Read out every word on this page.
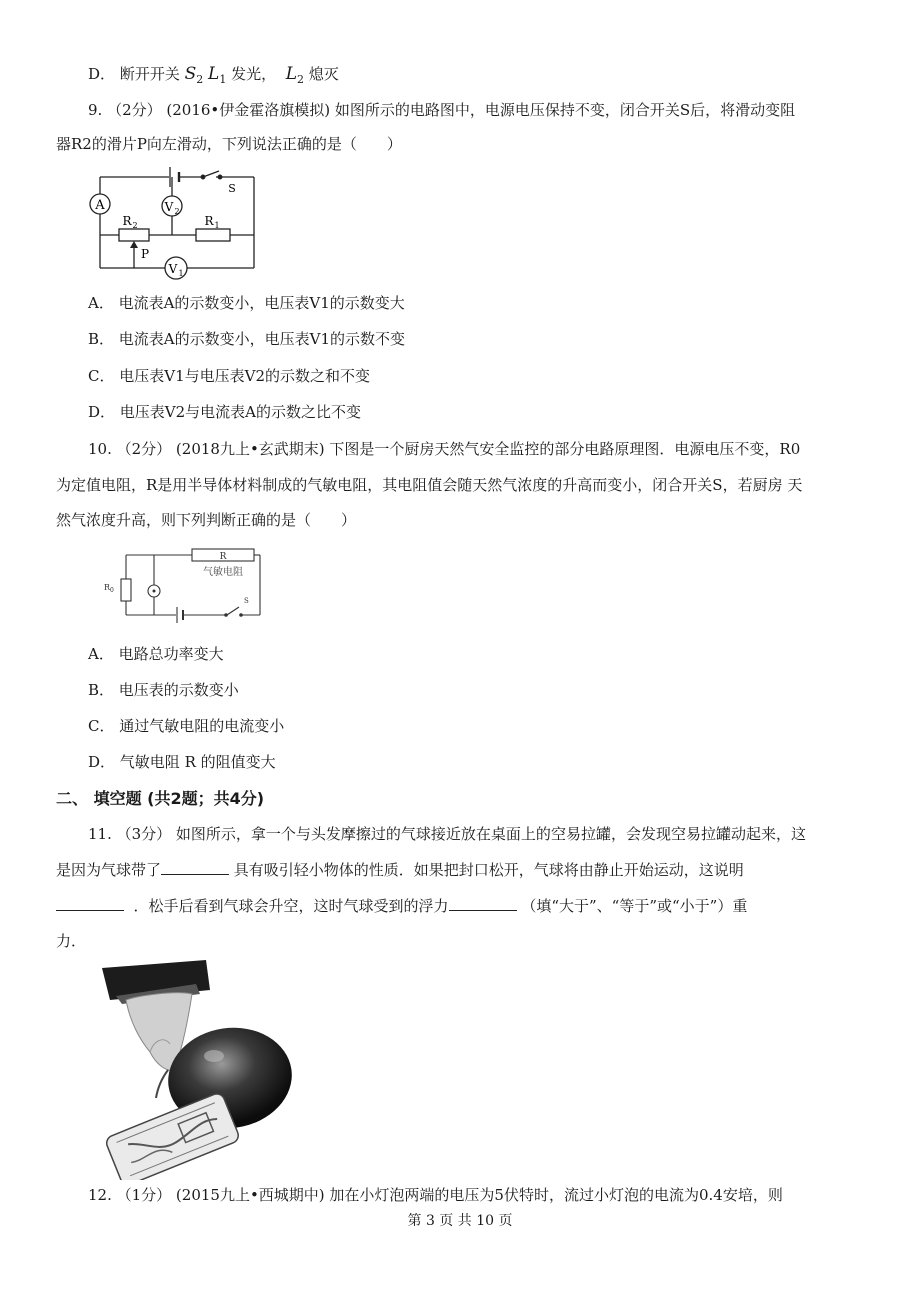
D． 断开开关 $S_2$ $L_1$ 发光， $L_2$ 熄灭
9. （2分） (2016•伊金霍洛旗模拟) 如图所示的电路图中，电源电压保持不变，闭合开关S后，将滑动变阻
器R2的滑片P向左滑动，下列说法正确的是（　　）
A	V 2
V 1
R 2	R 1
P
S
A． 电流表A的示数变小，电压表V1的示数变大
B． 电流表A的示数变小，电压表V1的示数不变
C． 电压表V1与电压表V2的示数之和不变
D． 电压表V2与电流表A的示数之比不变
10. （2分） (2018九上•玄武期末) 下图是一个厨房天然气安全监控的部分电路原理图．电源电压不变，R0
为定值电阻，R是用半导体材料制成的气敏电阻，其电阻值会随天然气浓度的升高而变小，闭合开关S，若厨房 天
然气浓度升高，则下列判断正确的是（　　）
R
气敏电阻
R 0
S
A． 电路总功率变大
B． 电压表的示数变小
C． 通过气敏电阻的电流变小
D． 气敏电阻 R 的阻值变大
二、 填空题 (共2题；共4分)
11. （3分） 如图所示，拿一个与头发摩擦过的气球接近放在桌面上的空易拉罐，会发现空易拉罐动起来，这
是因为气球带了	具有吸引轻小物体的性质．如果把封口松开，气球将由静止开始运动，这说明
．松手后看到气球会升空，这时气球受到的浮力	（填“大于”、“等于”或“小于”）重
力．
12. （1分） (2015九上•西城期中) 加在小灯泡两端的电压为5伏特时，流过小灯泡的电流为0.4安培，则
第 3 页 共 10 页
